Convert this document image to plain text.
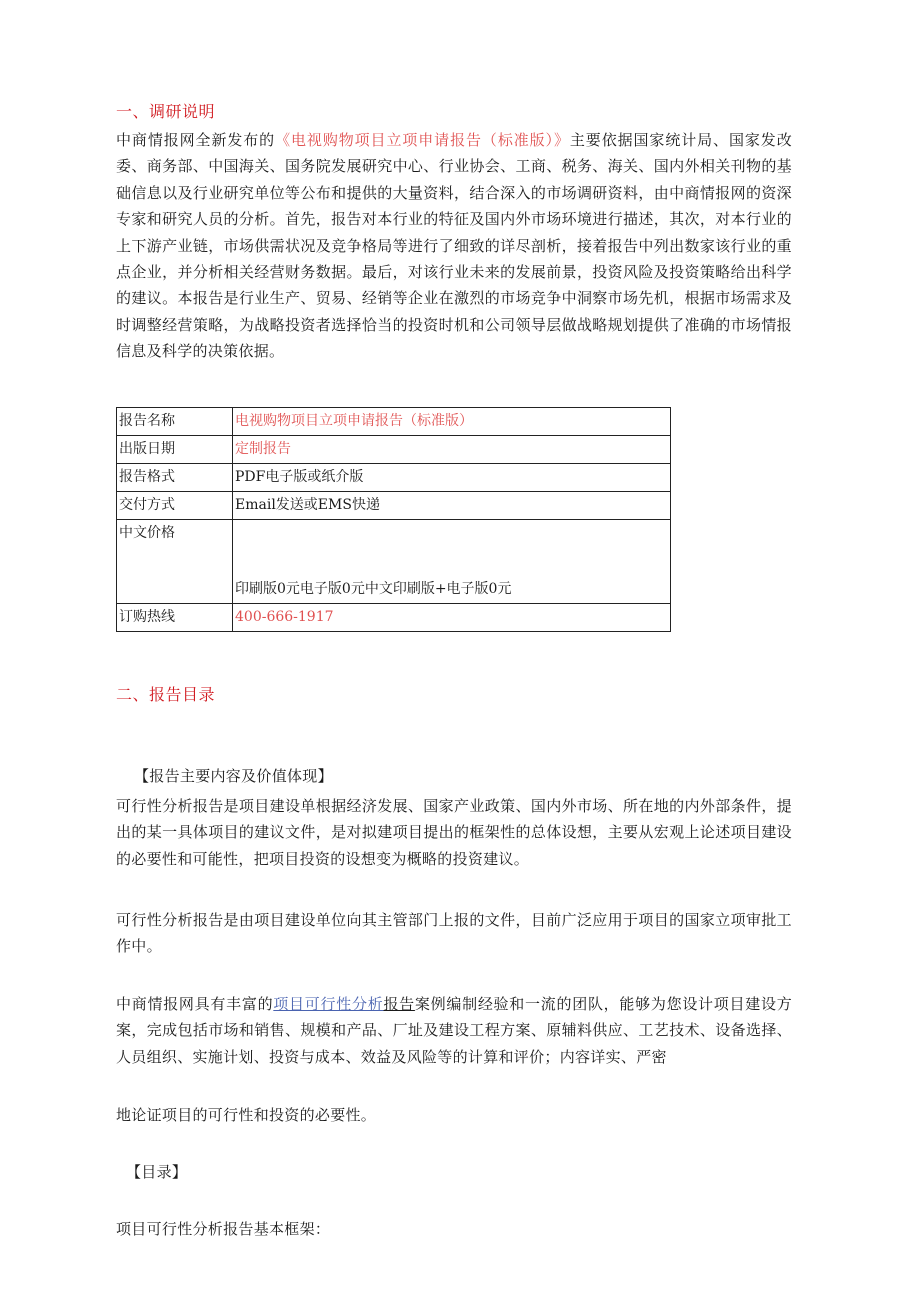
一、调研说明
中商情报网全新发布的《电视购物项目立项申请报告（标准版）》主要依据国家统计局、国家发改委、商务部、中国海关、国务院发展研究中心、行业协会、工商、税务、海关、国内外相关刊物的基础信息以及行业研究单位等公布和提供的大量资料，结合深入的市场调研资料，由中商情报网的资深专家和研究人员的分析。首先，报告对本行业的特征及国内外市场环境进行描述，其次，对本行业的上下游产业链，市场供需状况及竞争格局等进行了细致的详尽剖析，接着报告中列出数家该行业的重点企业，并分析相关经营财务数据。最后，对该行业未来的发展前景，投资风险及投资策略给出科学的建议。本报告是行业生产、贸易、经销等企业在激烈的市场竞争中洞察市场先机，根据市场需求及时调整经营策略，为战略投资者选择恰当的投资时机和公司领导层做战略规划提供了准确的市场情报信息及科学的决策依据。
报告名称	电视购物项目立项申请报告（标准版）
出版日期	定制报告
报告格式	PDF电子版或纸介版
交付方式	Email发送或EMS快递
中文价格	印刷版0元电子版0元中文印刷版+电子版0元
订购热线	400-666-1917
二、报告目录
【报告主要内容及价值体现】
可行性分析报告是项目建设单根据经济发展、国家产业政策、国内外市场、所在地的内外部条件，提出的某一具体项目的建议文件，是对拟建项目提出的框架性的总体设想，主要从宏观上论述项目建设的必要性和可能性，把项目投资的设想变为概略的投资建议。
可行性分析报告是由项目建设单位向其主管部门上报的文件，目前广泛应用于项目的国家立项审批工作中。
中商情报网具有丰富的项目可行性分析报告案例编制经验和一流的团队，能够为您设计项目建设方案，完成包括市场和销售、规模和产品、厂址及建设工程方案、原辅料供应、工艺技术、设备选择、人员组织、实施计划、投资与成本、效益及风险等的计算和评价；内容详实、严密
地论证项目的可行性和投资的必要性。
【目录】
项目可行性分析报告基本框架：
